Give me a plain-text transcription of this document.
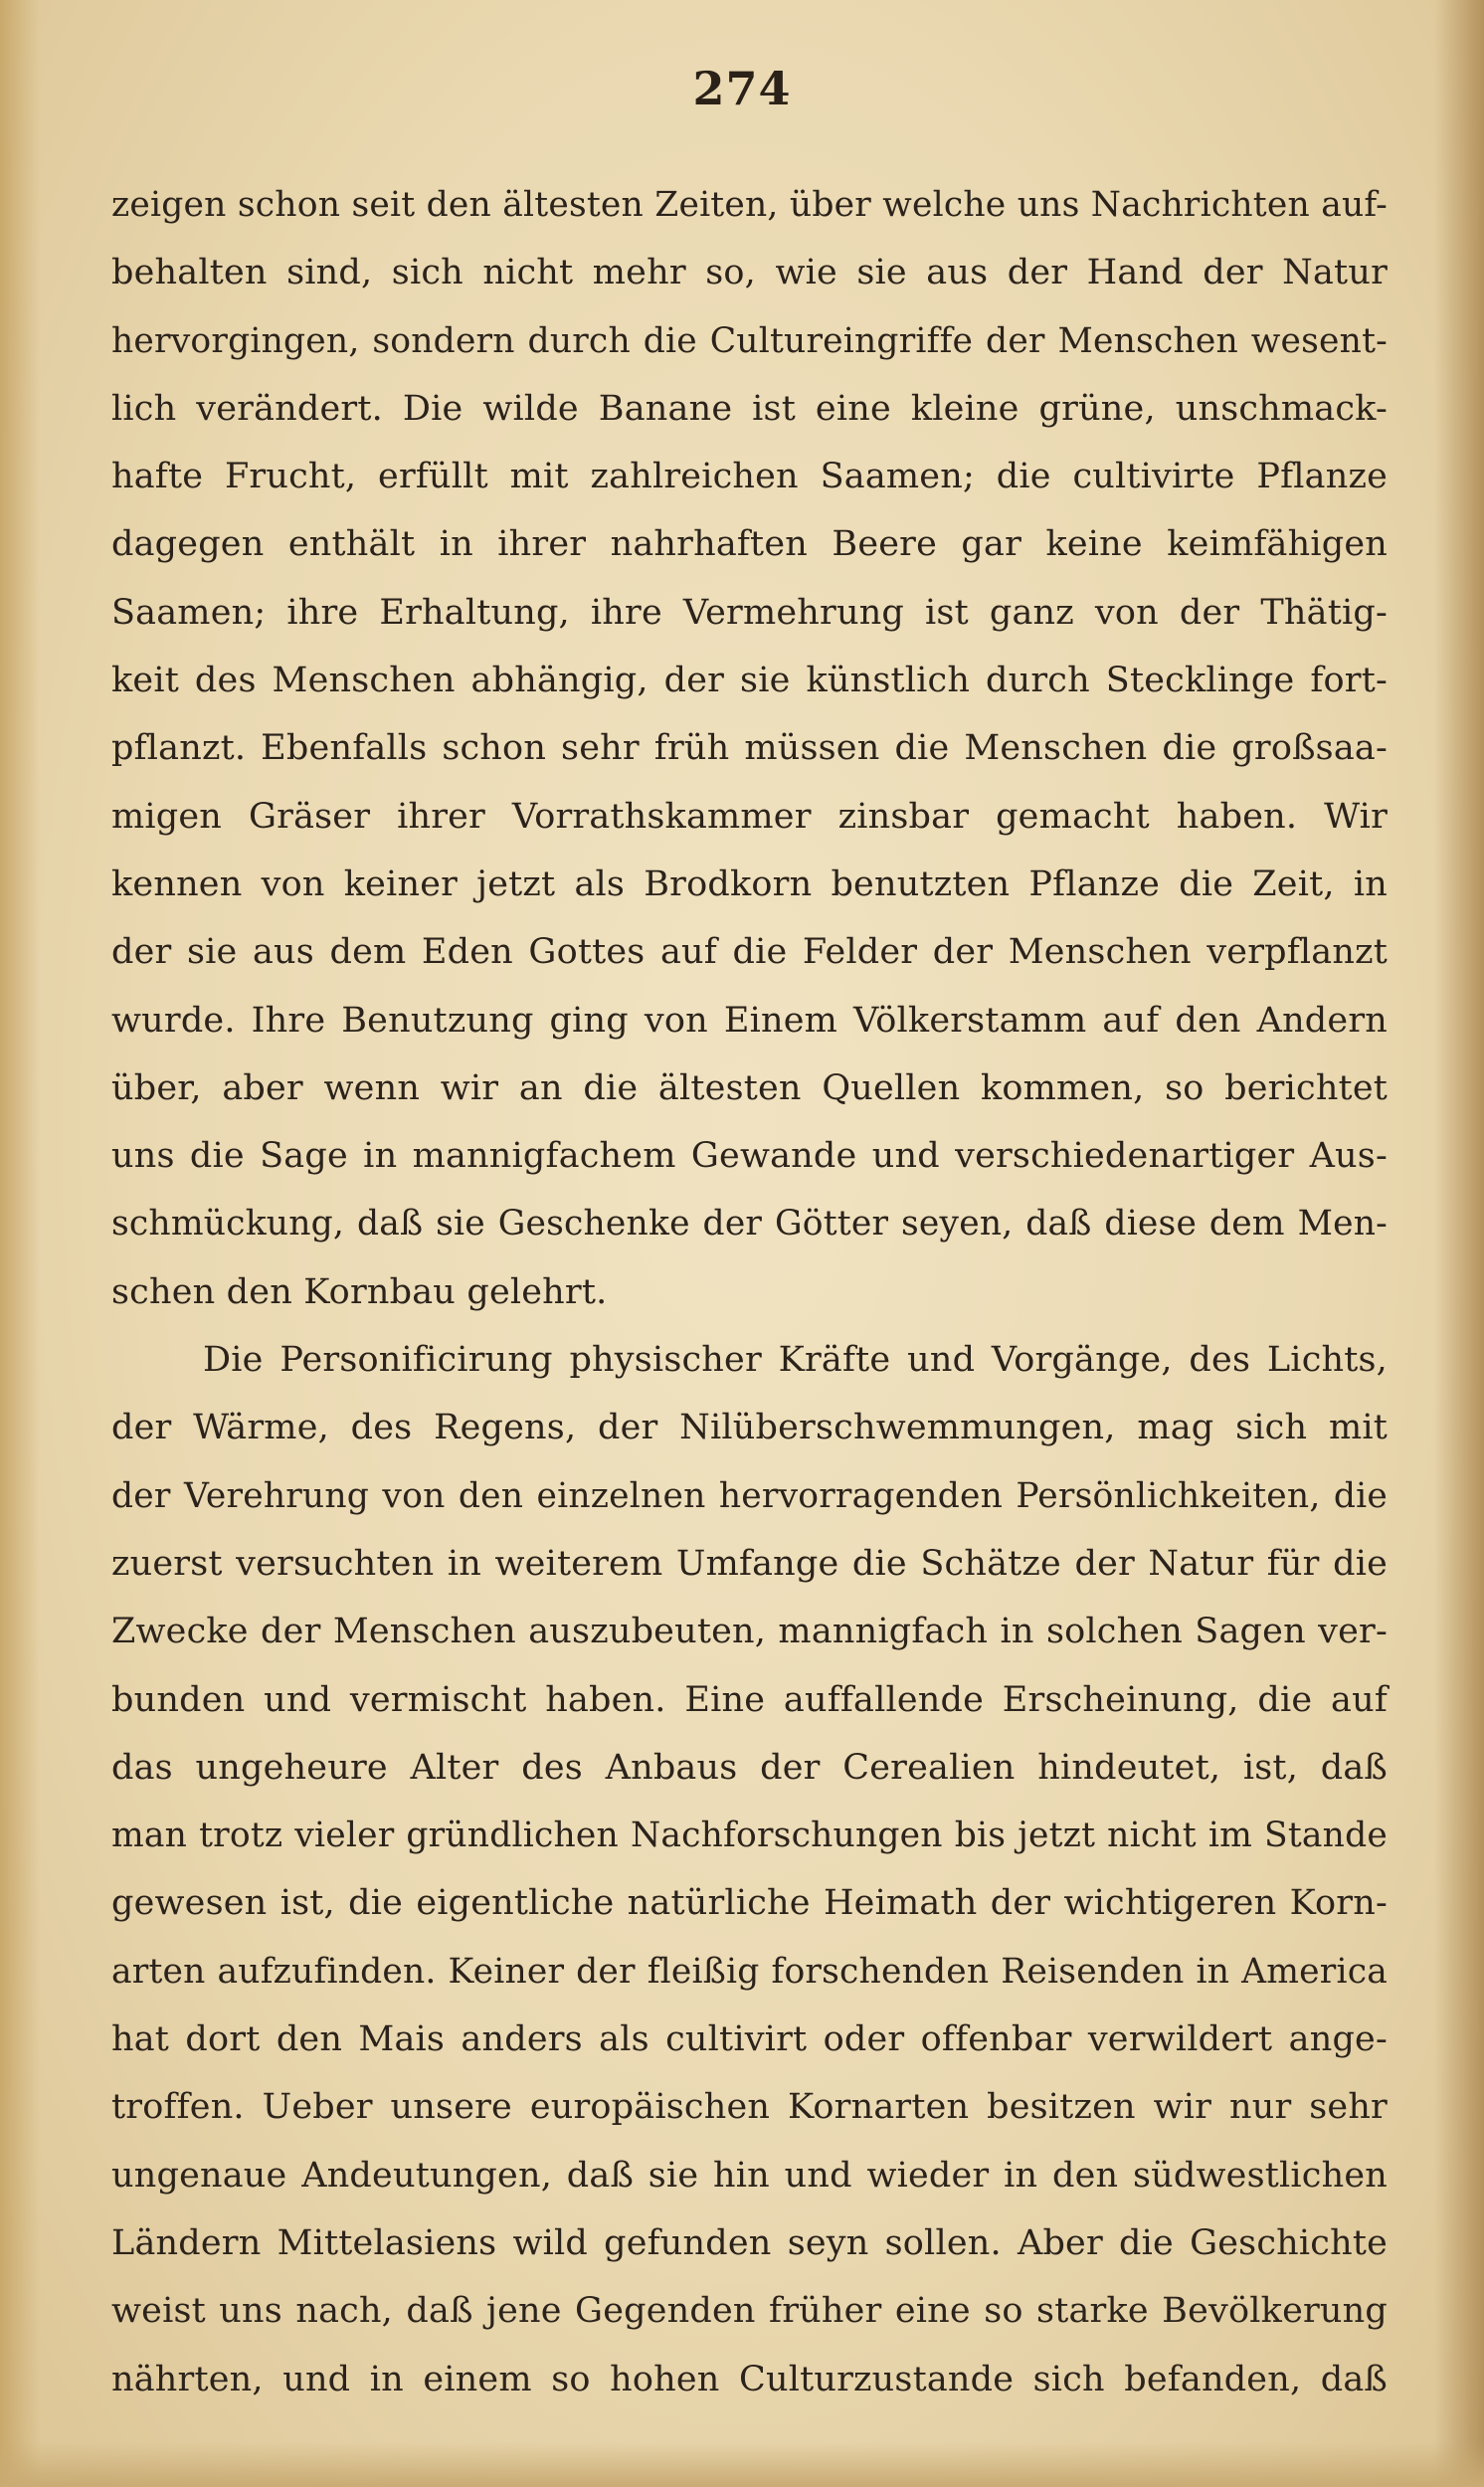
274
zeigen schon seit den ältesten Zeiten, über welche uns Nachrichten auf-
behalten sind, sich nicht mehr so, wie sie aus der Hand der Natur
hervorgingen, sondern durch die Cultureingriffe der Menschen wesent-
lich verändert. Die wilde Banane ist eine kleine grüne, unschmack-
hafte Frucht, erfüllt mit zahlreichen Saamen; die cultivirte Pflanze
dagegen enthält in ihrer nahrhaften Beere gar keine keimfähigen
Saamen; ihre Erhaltung, ihre Vermehrung ist ganz von der Thätig-
keit des Menschen abhängig, der sie künstlich durch Stecklinge fort-
pflanzt. Ebenfalls schon sehr früh müssen die Menschen die großsaa-
migen Gräser ihrer Vorrathskammer zinsbar gemacht haben. Wir
kennen von keiner jetzt als Brodkorn benutzten Pflanze die Zeit, in
der sie aus dem Eden Gottes auf die Felder der Menschen verpflanzt
wurde. Ihre Benutzung ging von Einem Völkerstamm auf den Andern
über, aber wenn wir an die ältesten Quellen kommen, so berichtet
uns die Sage in mannigfachem Gewande und verschiedenartiger Aus-
schmückung, daß sie Geschenke der Götter seyen, daß diese dem Men-
schen den Kornbau gelehrt.
Die Personificirung physischer Kräfte und Vorgänge, des Lichts,
der Wärme, des Regens, der Nilüberschwemmungen, mag sich mit
der Verehrung von den einzelnen hervorragenden Persönlichkeiten, die
zuerst versuchten in weiterem Umfange die Schätze der Natur für die
Zwecke der Menschen auszubeuten, mannigfach in solchen Sagen ver-
bunden und vermischt haben. Eine auffallende Erscheinung, die auf
das ungeheure Alter des Anbaus der Cerealien hindeutet, ist, daß
man trotz vieler gründlichen Nachforschungen bis jetzt nicht im Stande
gewesen ist, die eigentliche natürliche Heimath der wichtigeren Korn-
arten aufzufinden. Keiner der fleißig forschenden Reisenden in America
hat dort den Mais anders als cultivirt oder offenbar verwildert ange-
troffen. Ueber unsere europäischen Kornarten besitzen wir nur sehr
ungenaue Andeutungen, daß sie hin und wieder in den südwestlichen
Ländern Mittelasiens wild gefunden seyn sollen. Aber die Geschichte
weist uns nach, daß jene Gegenden früher eine so starke Bevölkerung
nährten, und in einem so hohen Culturzustande sich befanden, daß
